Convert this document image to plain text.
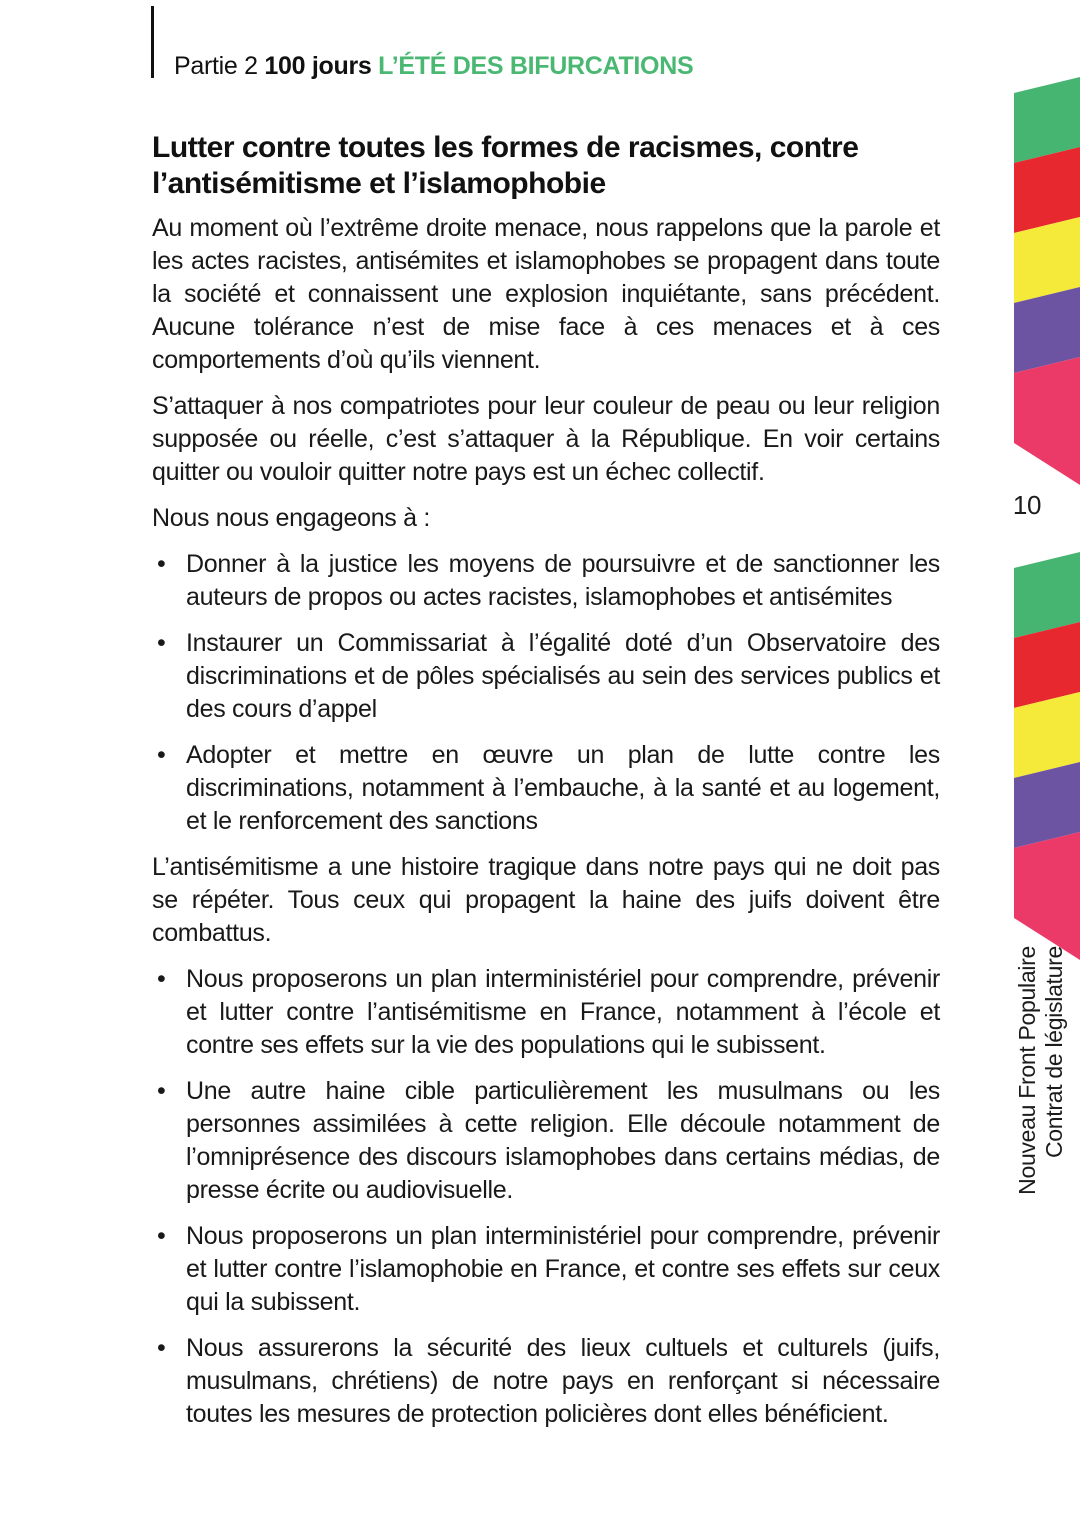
Partie 2 100 jours L’ÉTÉ DES BIFURCATIONS
Lutter contre toutes les formes de racismes, contre l’antisémitisme et l’islamophobie

Au moment où l’extrême droite menace, nous rappelons que la parole et les actes racistes, antisémites et islamophobes se propagent dans toute la société et connaissent une explosion inquiétante, sans précédent. Aucune tolérance n’est de mise face à ces menaces et à ces comportements d’où qu’ils viennent.

S’attaquer à nos compatriotes pour leur couleur de peau ou leur religion supposée ou réelle, c’est s’attaquer à la République. En voir certains quitter ou vouloir quitter notre pays est un échec collectif.

Nous nous engageons à :

• Donner à la justice les moyens de poursuivre et de sanctionner les auteurs de propos ou actes racistes, islamophobes et antisémites
• Instaurer un Commissariat à l’égalité doté d’un Observatoire des discriminations et de pôles spécialisés au sein des services publics et des cours d’appel
• Adopter et mettre en œuvre un plan de lutte contre les discriminations, notamment à l’embauche, à la santé et au logement, et le renforcement des sanctions

L’antisémitisme a une histoire tragique dans notre pays qui ne doit pas se répéter. Tous ceux qui propagent la haine des juifs doivent être combattus.

• Nous proposerons un plan interministériel pour comprendre, prévenir et lutter contre l’antisémitisme en France, notamment à l’école et contre ses effets sur la vie des populations qui le subissent.
• Une autre haine cible particulièrement les musulmans ou les personnes assimilées à cette religion. Elle découle notamment de l’omniprésence des discours islamophobes dans certains médias, de presse écrite ou audiovisuelle.
• Nous proposerons un plan interministériel pour comprendre, prévenir et lutter contre l’islamophobie en France, et contre ses effets sur ceux qui la subissent.
• Nous assurerons la sécurité des lieux cultuels et culturels (juifs, musulmans, chrétiens) de notre pays en renforçant si nécessaire toutes les mesures de protection policières dont elles bénéficient.
10
Nouveau Front Populaire Contrat de législature
